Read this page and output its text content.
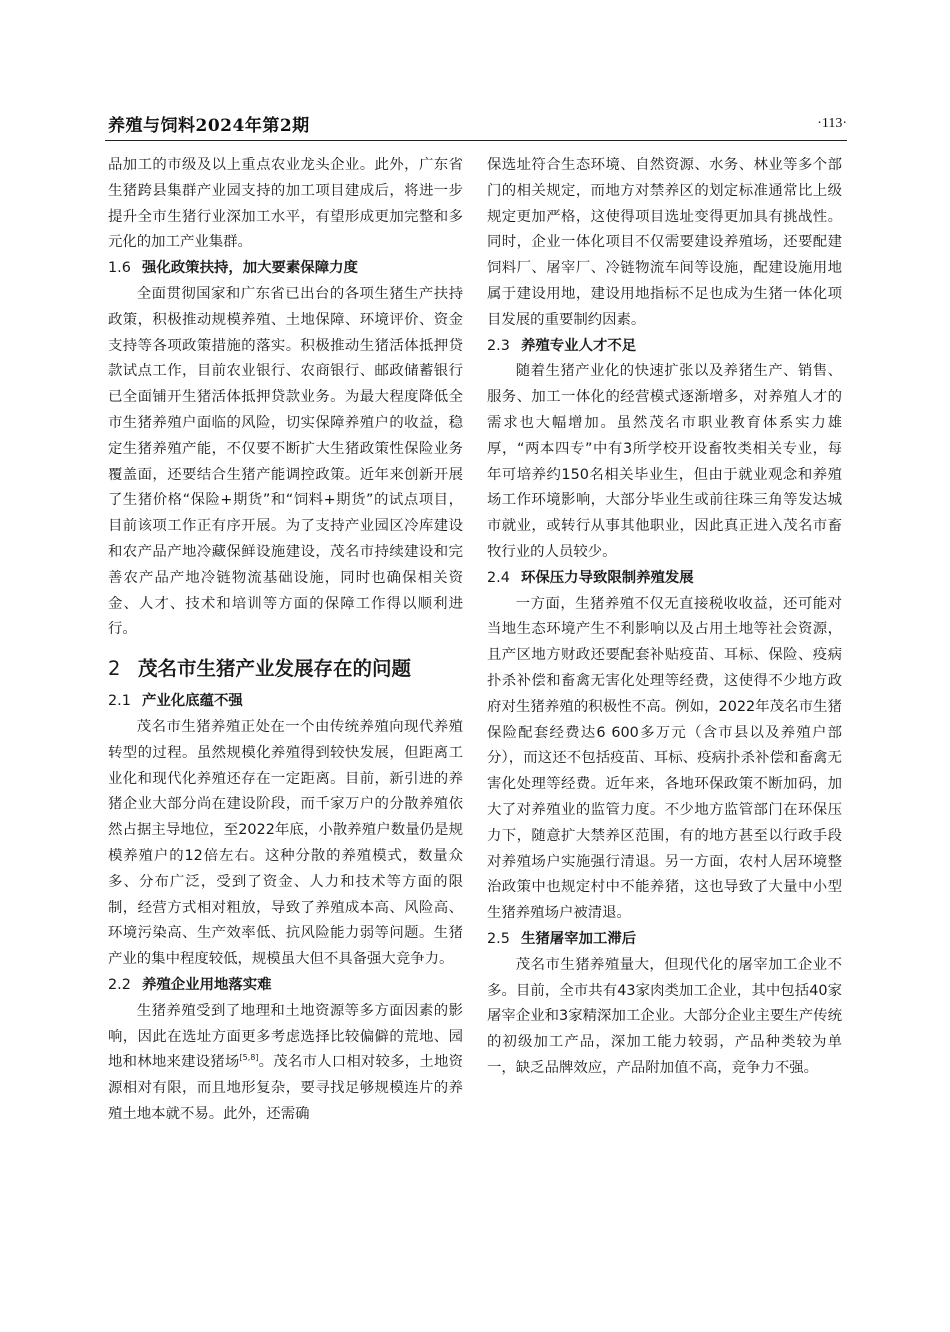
养殖与饲料2024年第2期	·113·

品加工的市级及以上重点农业龙头企业。此外，广东省生猪跨县集群产业园支持的加工项目建成后，将进一步提升全市生猪行业深加工水平，有望形成更加完整和多元化的加工产业集群。

1.6 强化政策扶持，加大要素保障力度

全面贯彻国家和广东省已出台的各项生猪生产扶持政策，积极推动规模养殖、土地保障、环境评价、资金支持等各项政策措施的落实。积极推动生猪活体抵押贷款试点工作，目前农业银行、农商银行、邮政储蓄银行已全面铺开生猪活体抵押贷款业务。为最大程度降低全市生猪养殖户面临的风险，切实保障养殖户的收益，稳定生猪养殖产能，不仅要不断扩大生猪政策性保险业务覆盖面，还要结合生猪产能调控政策。近年来创新开展了生猪价格“保险+期货”和“饲料+期货”的试点项目，目前该项工作正有序开展。为了支持产业园区冷库建设和农产品产地冷藏保鲜设施建设，茂名市持续建设和完善农产品产地冷链物流基础设施，同时也确保相关资金、人才、技术和培训等方面的保障工作得以顺利进行。

2 茂名市生猪产业发展存在的问题
2.1 产业化底蕴不强

茂名市生猪养殖正处在一个由传统养殖向现代养殖转型的过程。虽然规模化养殖得到较快发展，但距离工业化和现代化养殖还存在一定距离。目前，新引进的养猪企业大部分尚在建设阶段，而千家万户的分散养殖依然占据主导地位，至2022年底，小散养殖户数量仍是规模养殖户的12倍左右。这种分散的养殖模式，数量众多、分布广泛，受到了资金、人力和技术等方面的限制，经营方式相对粗放，导致了养殖成本高、风险高、环境污染高、生产效率低、抗风险能力弱等问题。生猪产业的集中程度较低，规模虽大但不具备强大竞争力。

2.2 养殖企业用地落实难

生猪养殖受到了地理和土地资源等多方面因素的影响，因此在选址方面更多考虑选择比较偏僻的荒地、园地和林地来建设猪场[5,8]。茂名市人口相对较多，土地资源相对有限，而且地形复杂，要寻找足够规模连片的养殖土地本就不易。此外，还需确

保选址符合生态环境、自然资源、水务、林业等多个部门的相关规定，而地方对禁养区的划定标准通常比上级规定更加严格，这使得项目选址变得更加具有挑战性。同时，企业一体化项目不仅需要建设养殖场，还要配建饲料厂、屠宰厂、冷链物流车间等设施，配建设施用地属于建设用地，建设用地指标不足也成为生猪一体化项目发展的重要制约因素。

2.3 养殖专业人才不足

随着生猪产业化的快速扩张以及养猪生产、销售、服务、加工一体化的经营模式逐渐增多，对养殖人才的需求也大幅增加。虽然茂名市职业教育体系实力雄厚，“两本四专”中有3所学校开设畜牧类相关专业，每年可培养约150名相关毕业生，但由于就业观念和养殖场工作环境影响，大部分毕业生或前往珠三角等发达城市就业，或转行从事其他职业，因此真正进入茂名市畜牧行业的人员较少。

2.4 环保压力导致限制养殖发展

一方面，生猪养殖不仅无直接税收收益，还可能对当地生态环境产生不利影响以及占用土地等社会资源，且产区地方财政还要配套补贴疫苗、耳标、保险、疫病扑杀补偿和畜禽无害化处理等经费，这使得不少地方政府对生猪养殖的积极性不高。例如，2022年茂名市生猪保险配套经费达6 600多万元（含市县以及养殖户部分），而这还不包括疫苗、耳标、疫病扑杀补偿和畜禽无害化处理等经费。近年来，各地环保政策不断加码，加大了对养殖业的监管力度。不少地方监管部门在环保压力下，随意扩大禁养区范围，有的地方甚至以行政手段对养殖场户实施强行清退。另一方面，农村人居环境整治政策中也规定村中不能养猪，这也导致了大量中小型生猪养殖场户被清退。

2.5 生猪屠宰加工滞后

茂名市生猪养殖量大，但现代化的屠宰加工企业不多。目前，全市共有43家肉类加工企业，其中包括40家屠宰企业和3家精深加工企业。大部分企业主要生产传统的初级加工产品，深加工能力较弱，产品种类较为单一，缺乏品牌效应，产品附加值不高，竞争力不强。
